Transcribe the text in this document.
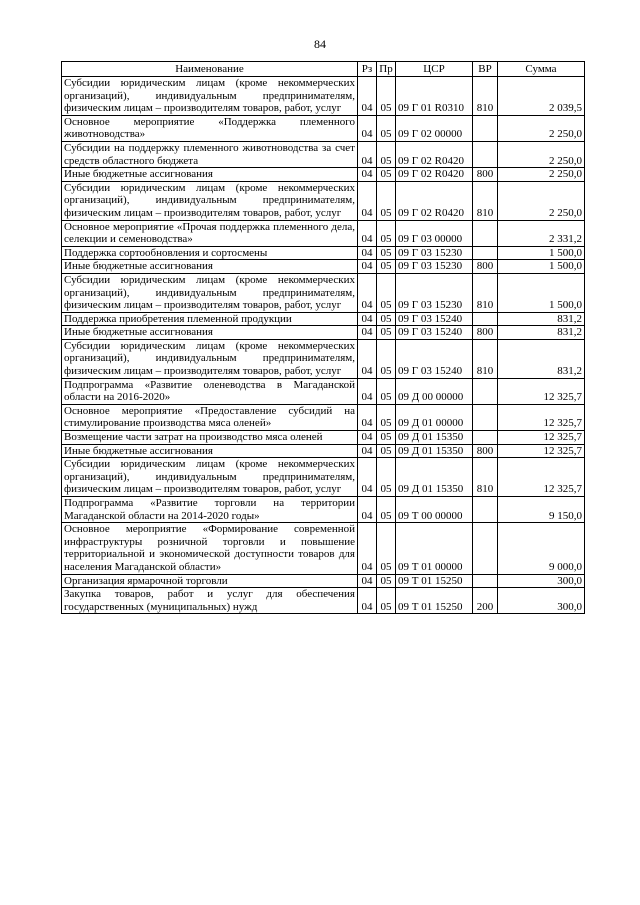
84
Наименование	Рз	Пр	ЦСР	ВР	Сумма
Субсидии юридическим лицам (кроме некоммерческих организаций), индивидуальным предпринимателям, физическим лицам – производителям товаров, работ, услуг	04	05	09 Г 01 R0310	810	2 039,5
Основное мероприятие «Поддержка племенного животноводства»	04	05	09 Г 02 00000		2 250,0
Субсидии на поддержку племенного животноводства за счет средств областного бюджета	04	05	09 Г 02 R0420		2 250,0
Иные бюджетные ассигнования	04	05	09 Г 02 R0420	800	2 250,0
Субсидии юридическим лицам (кроме некоммерческих организаций), индивидуальным предпринимателям, физическим лицам – производителям товаров, работ, услуг	04	05	09 Г 02 R0420	810	2 250,0
Основное мероприятие «Прочая поддержка племенного дела, селекции и семеноводства»	04	05	09 Г 03 00000		2 331,2
Поддержка сортообновления и сортосмены	04	05	09 Г 03 15230		1 500,0
Иные бюджетные ассигнования	04	05	09 Г 03 15230	800	1 500,0
Субсидии юридическим лицам (кроме некоммерческих организаций), индивидуальным предпринимателям, физическим лицам – производителям товаров, работ, услуг	04	05	09 Г 03 15230	810	1 500,0
Поддержка приобретения племенной продукции	04	05	09 Г 03 15240		831,2
Иные бюджетные ассигнования	04	05	09 Г 03 15240	800	831,2
Субсидии юридическим лицам (кроме некоммерческих организаций), индивидуальным предпринимателям, физическим лицам – производителям товаров, работ, услуг	04	05	09 Г 03 15240	810	831,2
Подпрограмма «Развитие оленеводства в Магаданской области на 2016-2020»	04	05	09 Д 00 00000		12 325,7
Основное мероприятие «Предоставление субсидий на стимулирование производства мяса оленей»	04	05	09 Д 01 00000		12 325,7
Возмещение части затрат на производство мяса оленей	04	05	09 Д 01 15350		12 325,7
Иные бюджетные ассигнования	04	05	09 Д 01 15350	800	12 325,7
Субсидии юридическим лицам (кроме некоммерческих организаций), индивидуальным предпринимателям, физическим лицам – производителям товаров, работ, услуг	04	05	09 Д 01 15350	810	12 325,7
Подпрограмма «Развитие торговли на территории Магаданской области на 2014-2020 годы»	04	05	09 Т 00 00000		9 150,0
Основное мероприятие «Формирование современной инфраструктуры розничной торговли и повышение территориальной и экономической доступности товаров для населения Магаданской области»	04	05	09 Т 01 00000		9 000,0
Организация ярмарочной торговли	04	05	09 Т 01 15250		300,0
Закупка товаров, работ и услуг для обеспечения государственных (муниципальных) нужд	04	05	09 Т 01 15250	200	300,0
